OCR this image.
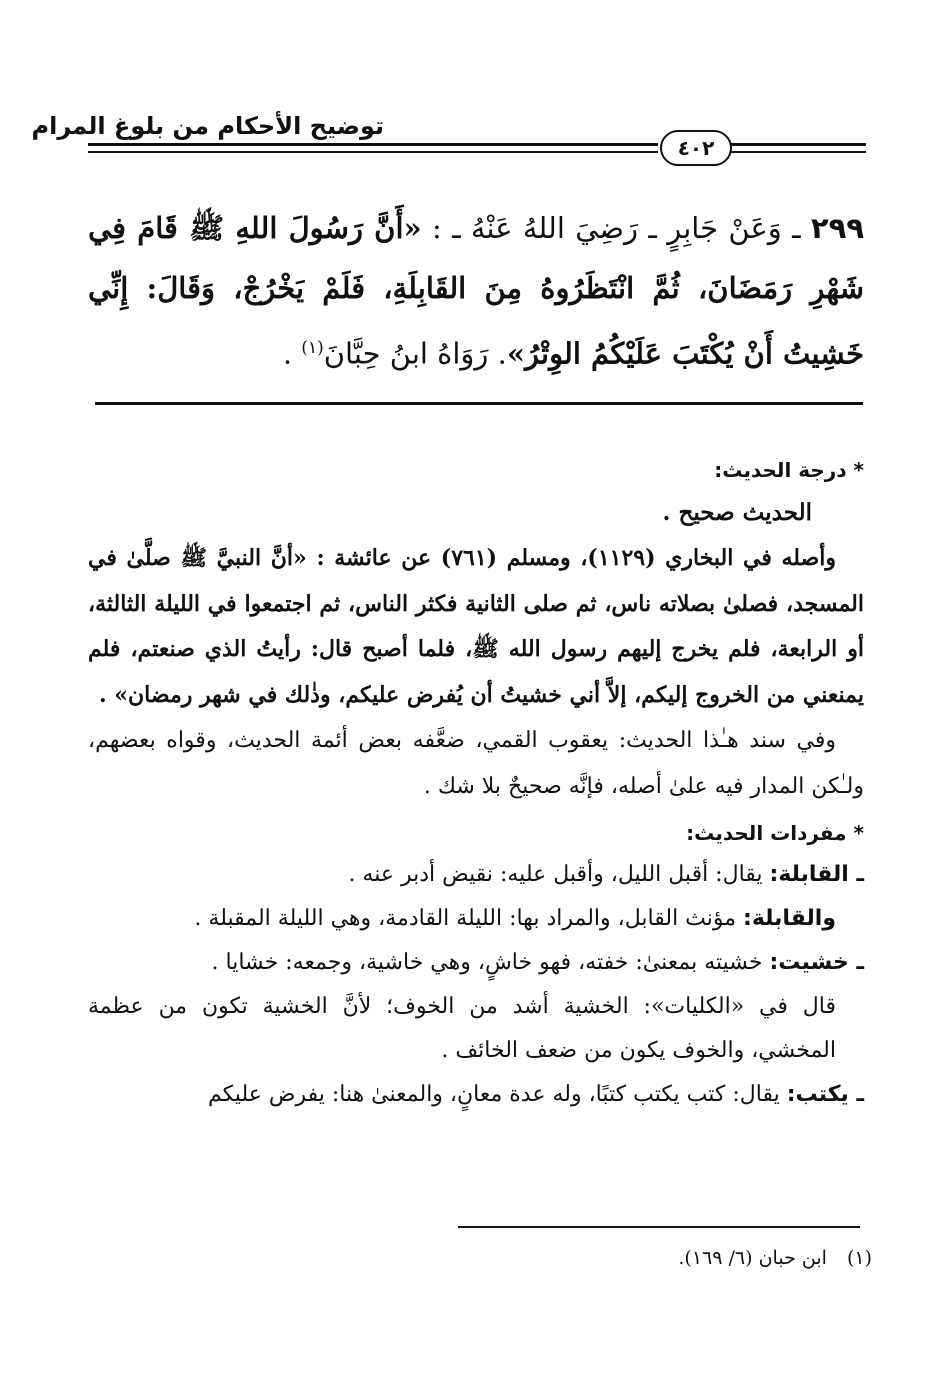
توضيح الأحكام من بلوغ المرام
٤٠٢
٢٩٩ ـ وَعَنْ جَابِرٍ ـ رَضِيَ اللهُ عَنْهُ ـ : «أَنَّ رَسُولَ اللهِ ﷺ قَامَ فِي شَهْرِ رَمَضَانَ، ثُمَّ انْتَظَرُوهُ مِنَ القَابِلَةِ، فَلَمْ يَخْرُجْ، وَقَالَ: إِنِّي خَشِيتُ أَنْ يُكْتَبَ عَلَيْكُمُ الوِتْرُ». رَوَاهُ ابنُ حِبَّانَ$^{(١)}$ .

* درجة الحديث:

الحديث صحيح .

وأصله في البخاري (١١٢٩)، ومسلم (٧٦١) عن عائشة : «أنَّ النبيَّ ﷺ صلَّىٰ في المسجد، فصلىٰ بصلاته ناس، ثم صلى الثانية فكثر الناس، ثم اجتمعوا في الليلة الثالثة، أو الرابعة، فلم يخرج إليهم رسول الله ﷺ، فلما أصبح قال: رأيتُ الذي صنعتم، فلم يمنعني من الخروج إليكم، إلاَّ أني خشيتُ أن يُفرض عليكم، وذٰلك في شهر رمضان» .

وفي سند هـٰذا الحديث: يعقوب القمي، ضعَّفه بعض أئمة الحديث، وقواه بعضهم، ولـٰكن المدار فيه علىٰ أصله، فإنَّه صحيحٌ بلا شك .

* مفردات الحديث:

ـ القابلة: يقال: أقبل الليل، وأقبل عليه: نقيض أدبر عنه .

والقابلة: مؤنث القابل، والمراد بها: الليلة القادمة، وهي الليلة المقبلة .

ـ خشيت: خشيته بمعنىٰ: خفته، فهو خاشٍ، وهي خاشية، وجمعه: خشايا .

قال في «الكليات»: الخشية أشد من الخوف؛ لأنَّ الخشية تكون من عظمة المخشي، والخوف يكون من ضعف الخائف .

ـ يكتب: يقال: كتب يكتب كتبًا، وله عدة معانٍ، والمعنىٰ هنا: يفرض عليكم

(١) ابن حبان (٦/ ١٦٩).
